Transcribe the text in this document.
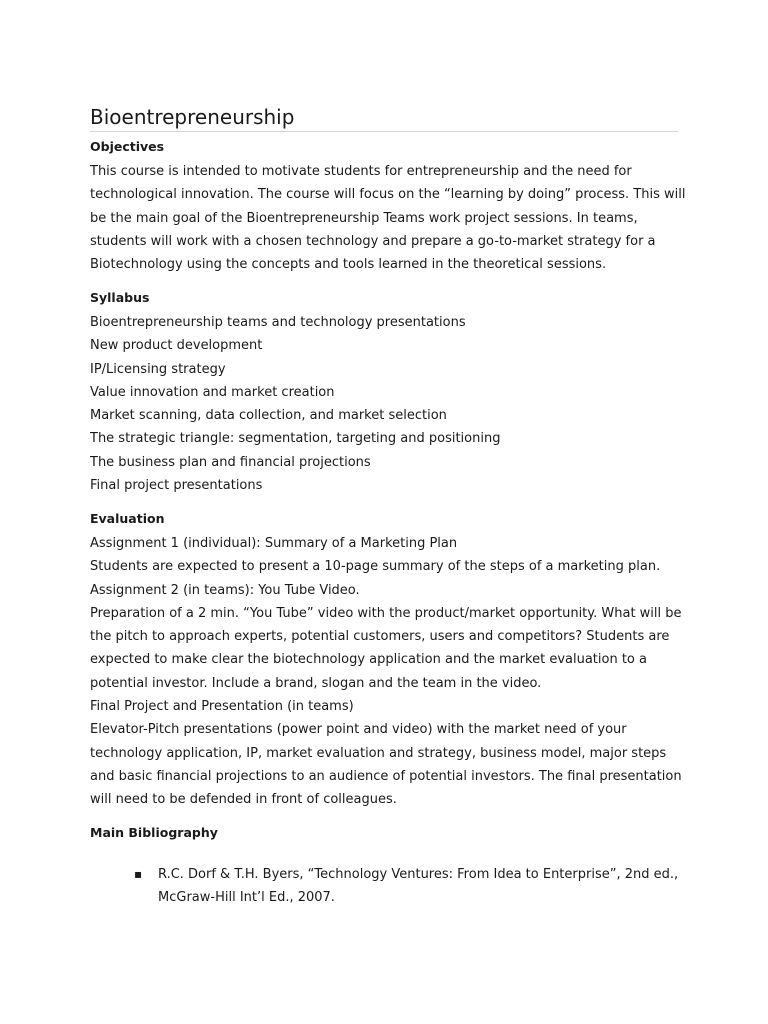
Bioentrepreneurship
Objectives
This course is intended to motivate students for entrepreneurship and the need for
technological innovation. The course will focus on the “learning by doing” process. This will
be the main goal of the Bioentrepreneurship Teams work project sessions. In teams,
students will work with a chosen technology and prepare a go-to-market strategy for a
Biotechnology using the concepts and tools learned in the theoretical sessions.
Syllabus
Bioentrepreneurship teams and technology presentations
New product development
IP/Licensing strategy
Value innovation and market creation
Market scanning, data collection, and market selection
The strategic triangle: segmentation, targeting and positioning
The business plan and financial projections
Final project presentations
Evaluation
Assignment 1 (individual): Summary of a Marketing Plan
Students are expected to present a 10-page summary of the steps of a marketing plan.
Assignment 2 (in teams): You Tube Video.
Preparation of a 2 min. “You Tube” video with the product/market opportunity. What will be
the pitch to approach experts, potential customers, users and competitors? Students are
expected to make clear the biotechnology application and the market evaluation to a
potential investor. Include a brand, slogan and the team in the video.
Final Project and Presentation (in teams)
Elevator-Pitch presentations (power point and video) with the market need of your
technology application, IP, market evaluation and strategy, business model, major steps
and basic financial projections to an audience of potential investors. The final presentation
will need to be defended in front of colleagues.
Main Bibliography
▪ R.C. Dorf & T.H. Byers, “Technology Ventures: From Idea to Enterprise”, 2nd ed.,
McGraw-Hill Int’l Ed., 2007.
